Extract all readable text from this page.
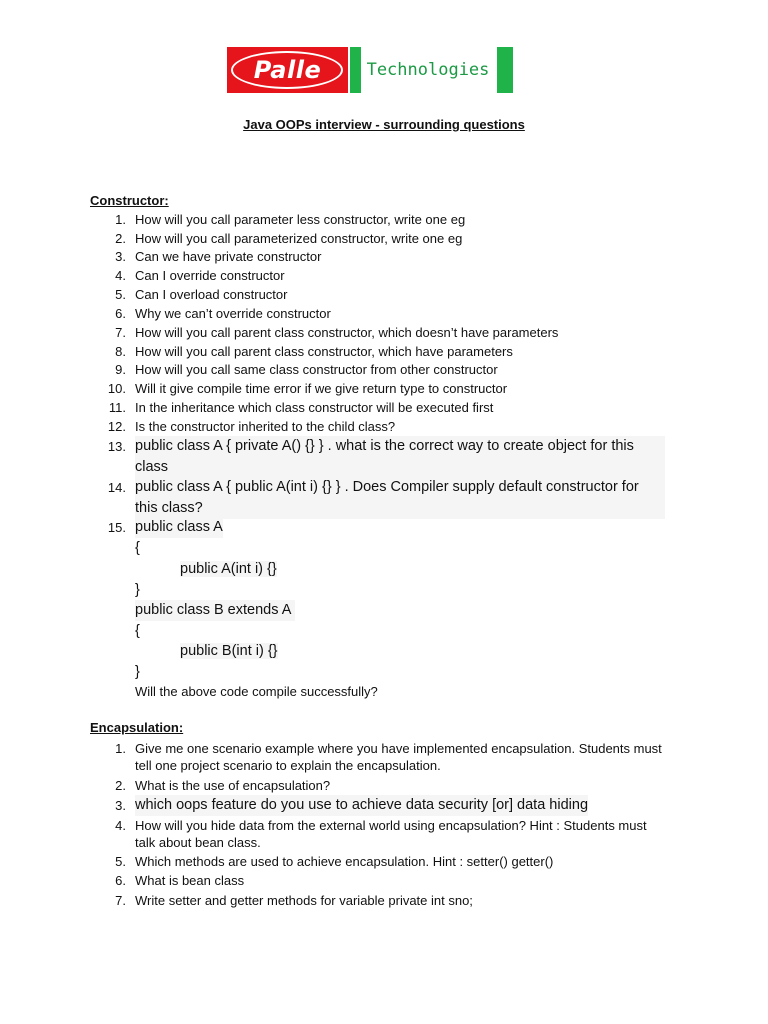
Palle	Technologies
Java OOPs interview - surrounding questions
Constructor:
1. How will you call parameter less constructor, write one eg
2. How will you call parameterized constructor, write one eg
3. Can we have private constructor
4. Can I override constructor
5. Can I overload constructor
6. Why we can’t override constructor
7. How will you call parent class constructor, which doesn’t have parameters
8. How will you call parent class constructor, which have parameters
9. How will you call same class constructor from other constructor
10. Will it give compile time error if we give return type to constructor
11. In the inheritance which class constructor will be executed first
12. Is the constructor inherited to the child class?
13. public class A { private A() {} } . what is the correct way to create object for this class
14. public class A { public A(int i) {} } . Does Compiler supply default constructor for this class?
15. public class A
{
public A(int i) {}
}
public class B extends A
{
public B(int i) {}
}
Will the above code compile successfully?
Encapsulation:
1. Give me one scenario example where you have implemented encapsulation. Students must tell one project scenario to explain the encapsulation.
2. What is the use of encapsulation?
3. which oops feature do you use to achieve data security [or] data hiding
4. How will you hide data from the external world using encapsulation? Hint : Students must talk about bean class.
5. Which methods are used to achieve encapsulation. Hint : setter() getter()
6. What is bean class
7. Write setter and getter methods for variable private int sno;
